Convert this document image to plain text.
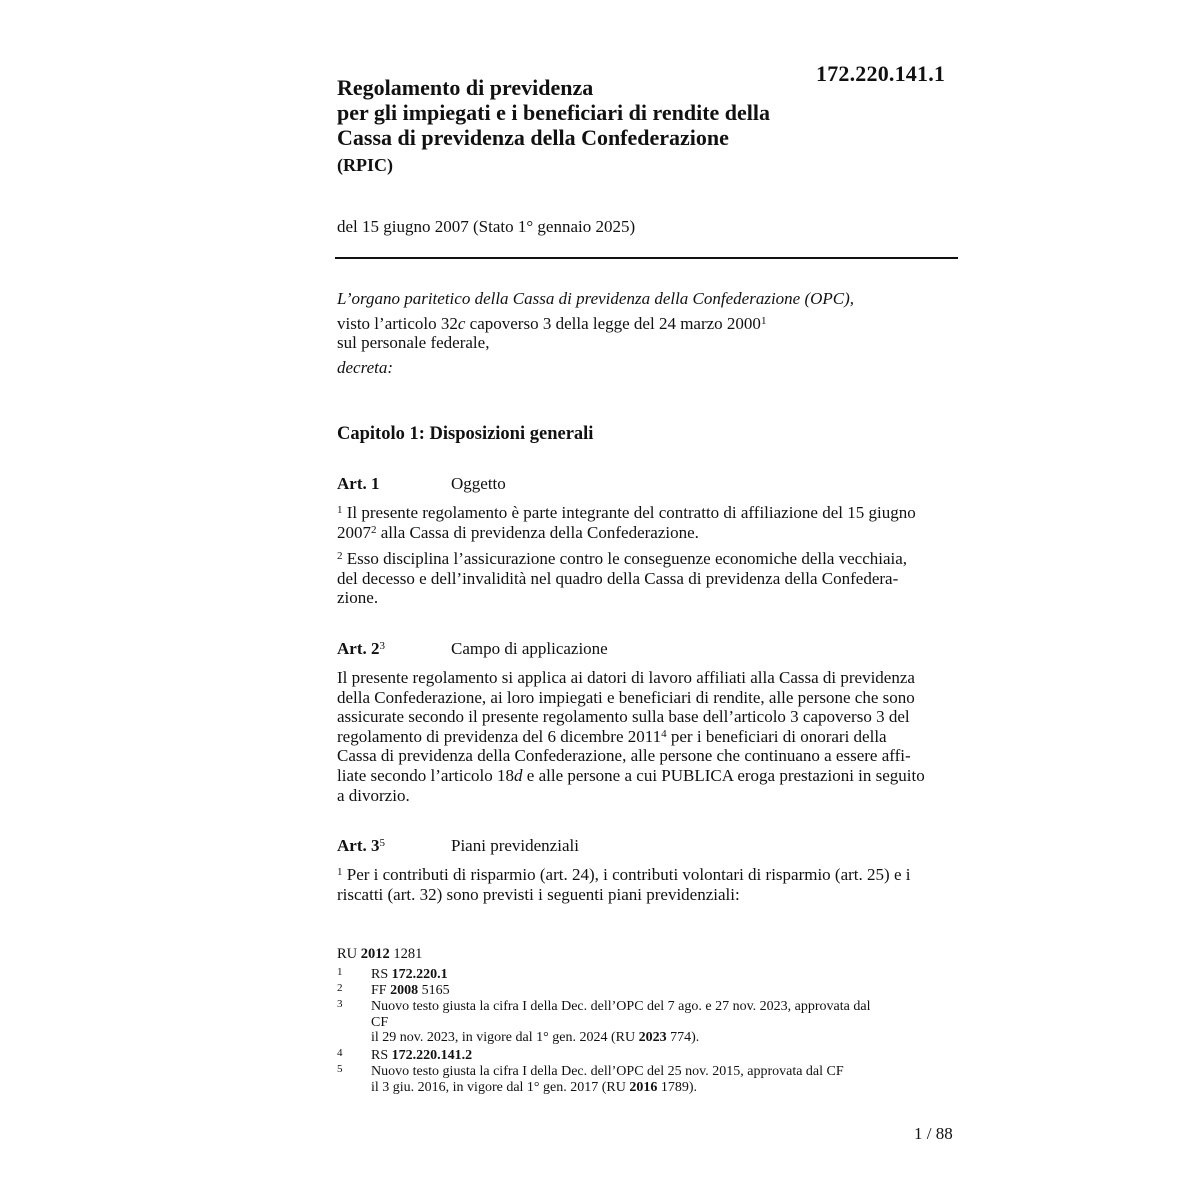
172.220.141.1
Regolamento di previdenza
per gli impiegati e i beneficiari di rendite della
Cassa di previdenza della Confederazione
(RPIC)
del 15 giugno 2007 (Stato 1° gennaio 2025)
L’organo paritetico della Cassa di previdenza della Confederazione (OPC),
visto l’articolo 32c capoverso 3 della legge del 24 marzo 2000$^1$
sul personale federale,
decreta:
Capitolo 1: Disposizioni generali
Art. 1	Oggetto
$^1$ Il presente regolamento è parte integrante del contratto di affiliazione del 15 giugno
2007$^2$ alla Cassa di previdenza della Confederazione.
$^2$ Esso disciplina l’assicurazione contro le conseguenze economiche della vecchiaia,
del decesso e dell’invalidità nel quadro della Cassa di previdenza della Confedera-
zione.
Art. $2^3$	Campo di applicazione
Il presente regolamento si applica ai datori di lavoro affiliati alla Cassa di previdenza
della Confederazione, ai loro impiegati e beneficiari di rendite, alle persone che sono
assicurate secondo il presente regolamento sulla base dell’articolo 3 capoverso 3 del
regolamento di previdenza del 6 dicembre 2011$^4$ per i beneficiari di onorari della
Cassa di previdenza della Confederazione, alle persone che continuano a essere affi-
liate secondo l’articolo 18d e alle persone a cui PUBLICA eroga prestazioni in seguito
a divorzio.
Art. $3^5$	Piani previdenziali
$^1$ Per i contributi di risparmio (art. 24), i contributi volontari di risparmio (art. 25) e i
riscatti (art. 32) sono previsti i seguenti piani previdenziali:
RU 2012 1281
1 RS 172.220.1
2 FF 2008 5165
3 Nuovo testo giusta la cifra I della Dec. dell’OPC del 7 ago. e 27 nov. 2023, approvata dal
CF
il 29 nov. 2023, in vigore dal 1° gen. 2024 (RU 2023 774).
4 RS 172.220.141.2
5 Nuovo testo giusta la cifra I della Dec. dell’OPC del 25 nov. 2015, approvata dal CF
il 3 giu. 2016, in vigore dal 1° gen. 2017 (RU 2016 1789).
1 / 88
